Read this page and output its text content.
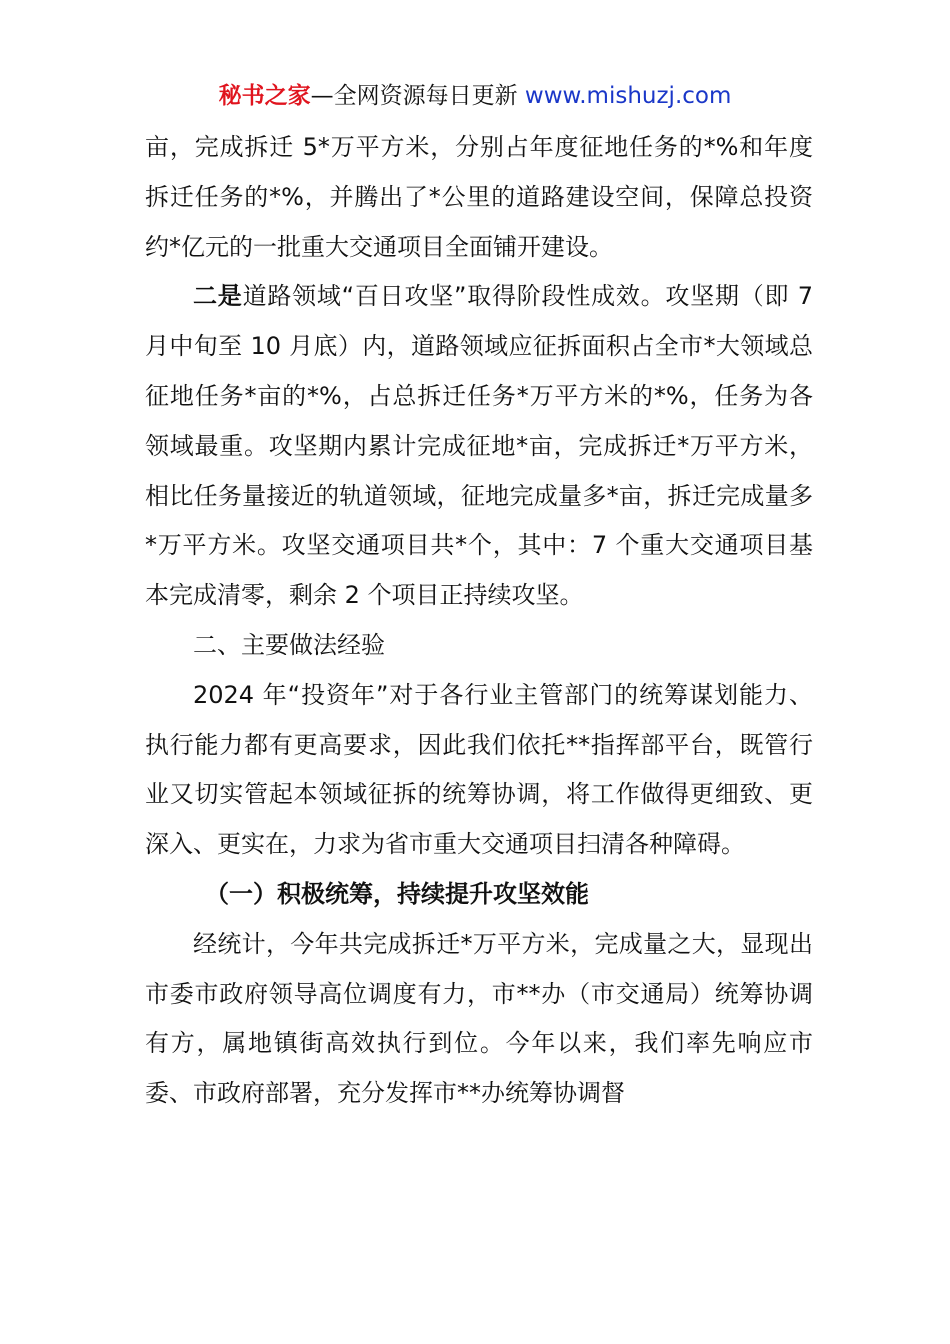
秘书之家—全网资源每日更新 www.mishuzj.com

亩，完成拆迁 5*万平方米，分别占年度征地任务的*%和年度拆迁任务的*%，并腾出了*公里的道路建设空间，保障总投资约*亿元的一批重大交通项目全面铺开建设。

二是道路领域“百日攻坚”取得阶段性成效。攻坚期（即 7 月中旬至 10 月底）内，道路领域应征拆面积占全市*大领域总征地任务*亩的*%，占总拆迁任务*万平方米的*%，任务为各领域最重。攻坚期内累计完成征地*亩，完成拆迁*万平方米，相比任务量接近的轨道领域，征地完成量多*亩，拆迁完成量多*万平方米。攻坚交通项目共*个，其中：7 个重大交通项目基本完成清零，剩余 2 个项目正持续攻坚。

二、主要做法经验

2024 年“投资年”对于各行业主管部门的统筹谋划能力、执行能力都有更高要求，因此我们依托**指挥部平台，既管行业又切实管起本领域征拆的统筹协调，将工作做得更细致、更深入、更实在，力求为省市重大交通项目扫清各种障碍。

（一）积极统筹，持续提升攻坚效能

经统计，今年共完成拆迁*万平方米，完成量之大，显现出市委市政府领导高位调度有力，市**办（市交通局）统筹协调有方，属地镇街高效执行到位。今年以来，我们率先响应市委、市政府部署，充分发挥市**办统筹协调督
